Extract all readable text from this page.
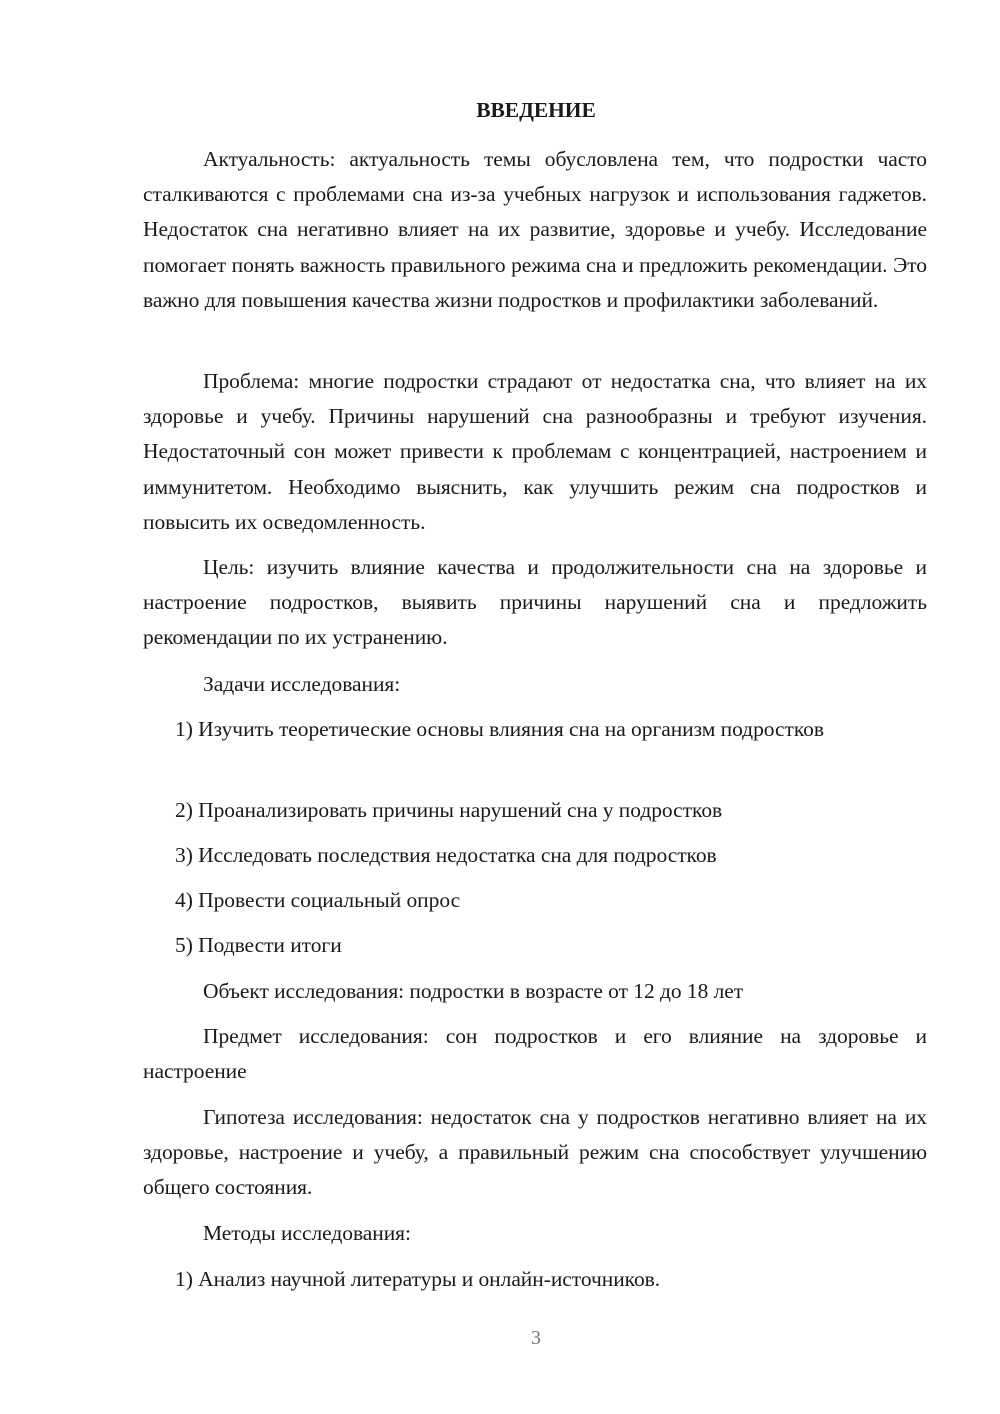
ВВЕДЕНИЕ

Актуальность: актуальность темы обусловлена тем, что подростки часто сталкиваются с проблемами сна из-за учебных нагрузок и использования гаджетов. Недостаток сна негативно влияет на их развитие, здоровье и учебу. Исследование помогает понять важность правильного режима сна и предложить рекомендации. Это важно для повышения качества жизни подростков и профилактики заболеваний.

Проблема: многие подростки страдают от недостатка сна, что влияет на их здоровье и учебу. Причины нарушений сна разнообразны и требуют изучения. Недостаточный сон может привести к проблемам с концентрацией, настроением и иммунитетом. Необходимо выяснить, как улучшить режим сна подростков и повысить их осведомленность.

Цель: изучить влияние качества и продолжительности сна на здоровье и настроение подростков, выявить причины нарушений сна и предложить рекомендации по их устранению.

Задачи исследования:

1) Изучить теоретические основы влияния сна на организм подростков

2) Проанализировать причины нарушений сна у подростков

3) Исследовать последствия недостатка сна для подростков

4) Провести социальный опрос

5) Подвести итоги

Объект исследования: подростки в возрасте от 12 до 18 лет

Предмет исследования: сон подростков и его влияние на здоровье и настроение

Гипотеза исследования: недостаток сна у подростков негативно влияет на их здоровье, настроение и учебу, а правильный режим сна способствует улучшению общего состояния.

Методы исследования:

1) Анализ научной литературы и онлайн-источников.

3
